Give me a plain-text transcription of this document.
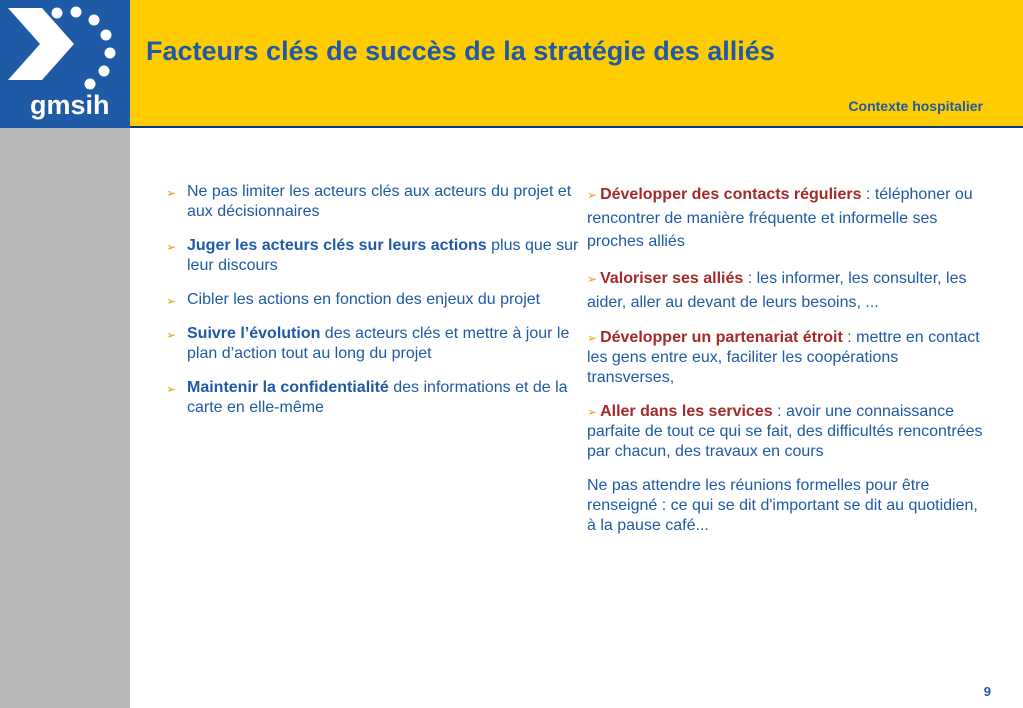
gmsih
Facteurs clés de succès de la stratégie des alliés
Contexte hospitalier
➢ Ne pas limiter les acteurs clés aux acteurs du projet et aux décisionnaires
➢ Juger les acteurs clés sur leurs actions plus que sur leur discours
➢ Cibler les actions en fonction des enjeux du projet
➢ Suivre l’évolution des acteurs clés et mettre à jour le plan d’action tout au long du projet
➢ Maintenir la confidentialité des informations et de la carte en elle-même

➢ Développer des contacts réguliers : téléphoner ou rencontrer de manière fréquente et informelle ses proches alliés

➢ Valoriser ses alliés : les informer, les consulter, les aider, aller au devant de leurs besoins, ...

➢ Développer un partenariat étroit : mettre en contact les gens entre eux, faciliter les coopérations transverses,

➢ Aller dans les services : avoir une connaissance parfaite de tout ce qui se fait, des difficultés rencontrées par chacun, des travaux en cours

Ne pas attendre les réunions formelles pour être renseigné : ce qui se dit d'important se dit au quotidien, à la pause café...

9
